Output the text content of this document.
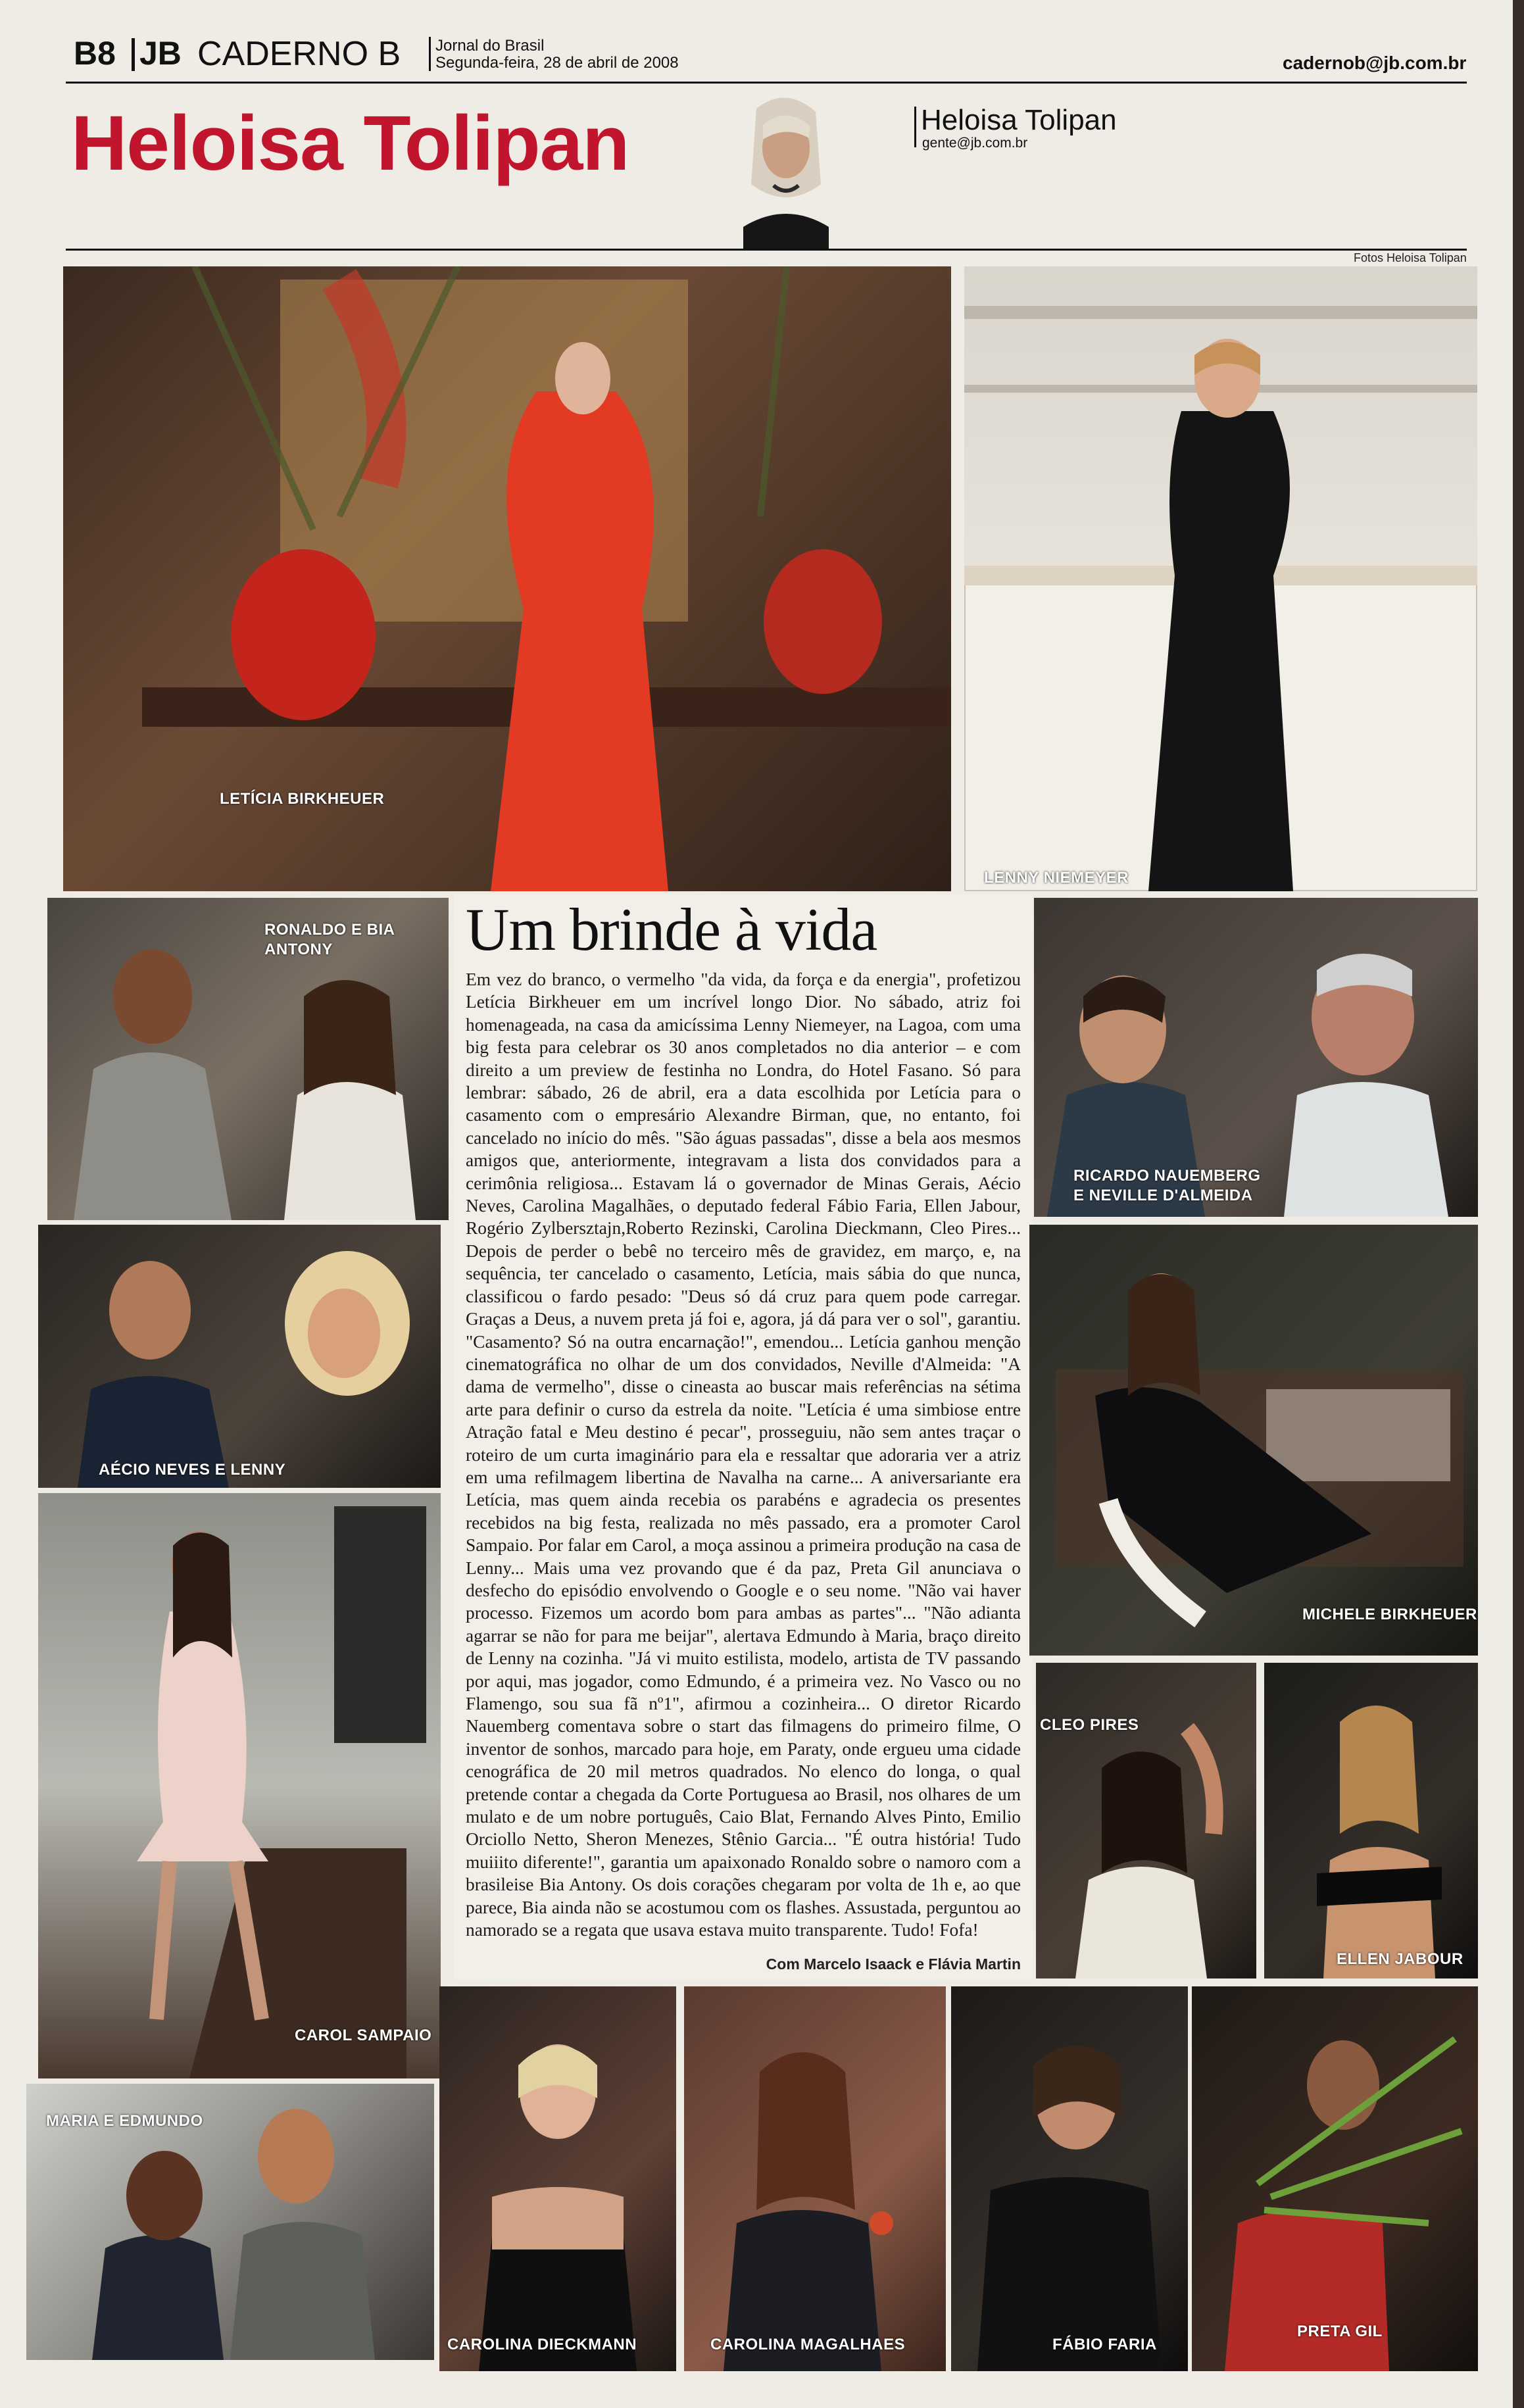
B8 JB CADERNO B Jornal do Brasil
Segunda-feira, 28 de abril de 2008	cadernob@jb.com.br
Heloisa Tolipan	Heloisa Tolipan
gente@jb.com.br
Fotos Heloisa Tolipan
LETÍCIA BIRKHEUER
LENNY NIEMEYER
RONALDO E BIA ANTONY
AÉCIO NEVES E LENNY
CAROL SAMPAIO
MARIA E EDMUNDO
Um brinde à vida
Em vez do branco, o vermelho "da vida, da força e da energia", profetizou Letícia Birkheuer em um incrível longo Dior. No sábado, atriz foi homenageada, na casa da amicíssima Lenny Niemeyer, na Lagoa, com uma big festa para celebrar os 30 anos completados no dia anterior – e com direito a um preview de festinha no Londra, do Hotel Fasano. Só para lembrar: sábado, 26 de abril, era a data escolhida por Letícia para o casamento com o empresário Alexandre Birman, que, no entanto, foi cancelado no início do mês. "São águas passadas", disse a bela aos mesmos amigos que, anteriormente, integravam a lista dos convidados para a cerimônia religiosa... Estavam lá o governador de Minas Gerais, Aécio Neves, Carolina Magalhães, o deputado federal Fábio Faria, Ellen Jabour, Rogério Zylbersztajn,Roberto Rezinski, Carolina Dieckmann, Cleo Pires... Depois de perder o bebê no terceiro mês de gravidez, em março, e, na sequência, ter cancelado o casamento, Letícia, mais sábia do que nunca, classificou o fardo pesado: "Deus só dá cruz para quem pode carregar. Graças a Deus, a nuvem preta já foi e, agora, já dá para ver o sol", garantiu. "Casamento? Só na outra encarnação!", emendou... Letícia ganhou menção cinematográfica no olhar de um dos convidados, Neville d'Almeida: "A dama de vermelho", disse o cineasta ao buscar mais referências na sétima arte para definir o curso da estrela da noite. "Letícia é uma simbiose entre Atração fatal e Meu destino é pecar", prosseguiu, não sem antes traçar o roteiro de um curta imaginário para ela e ressaltar que adoraria ver a atriz em uma refilmagem libertina de Navalha na carne... A aniversariante era Letícia, mas quem ainda recebia os parabéns e agradecia os presentes recebidos na big festa, realizada no mês passado, era a promoter Carol Sampaio. Por falar em Carol, a moça assinou a primeira produção na casa de Lenny... Mais uma vez provando que é da paz, Preta Gil anunciava o desfecho do episódio envolvendo o Google e o seu nome. "Não vai haver processo. Fizemos um acordo bom para ambas as partes"... "Não adianta agarrar se não for para me beijar", alertava Edmundo à Maria, braço direito de Lenny na cozinha. "Já vi muito estilista, modelo, artista de TV passando por aqui, mas jogador, como Edmundo, é a primeira vez. No Vasco ou no Flamengo, sou sua fã nº1", afirmou a cozinheira... O diretor Ricardo Nauemberg comentava sobre o start das filmagens do primeiro filme, O inventor de sonhos, marcado para hoje, em Paraty, onde ergueu uma cidade cenográfica de 20 mil metros quadrados. No elenco do longa, o qual pretende contar a chegada da Corte Portuguesa ao Brasil, nos olhares de um mulato e de um nobre português, Caio Blat, Fernando Alves Pinto, Emilio Orciollo Netto, Sheron Menezes, Stênio Garcia... "É outra história! Tudo muiiito diferente!", garantia um apaixonado Ronaldo sobre o namoro com a brasileise Bia Antony. Os dois corações chegaram por volta de 1h e, ao que parece, Bia ainda não se acostumou com os flashes. Assustada, perguntou ao namorado se a regata que usava estava muito transparente. Tudo! Fofa!
Com Marcelo Isaack e Flávia Martin
RICARDO NAUEMBERG
E NEVILLE D'ALMEIDA
MICHELE BIRKHEUER
CLEO PIRES
ELLEN JABOUR
CAROLINA DIECKMANN	CAROLINA MAGALHAES	FÁBIO FARIA
PRETA GIL
